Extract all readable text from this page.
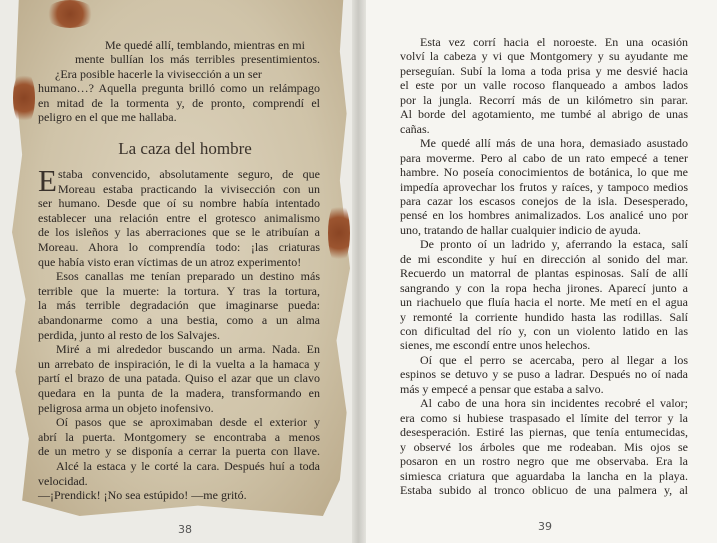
Me quedé allí, temblando, mientras en mi
mente bullían los más terribles presentimientos.
¿Era posible hacerle la vivisección a un ser
humano…? Aquella pregunta brilló como un relámpago
en mitad de la tormenta y, de pronto, comprendí el
peligro en el que me hallaba.
staba convencido, absolutamente seguro, de que
Moreau estaba practicando la vivisección con un
ser humano. Desde que oí su nombre había intentado
establecer una relación entre el grotesco animalismo
de los isleños y las aberraciones que se le atribuían a
Moreau. Ahora lo comprendía todo: ¡las criaturas
que había visto eran víctimas de un atroz experimento!
Esos canallas me tenían preparado un destino más
terrible que la muerte: la tortura. Y tras la tortura,
la más terrible degradación que imaginarse pueda:
abandonarme como a una bestia, como a un alma
perdida, junto al resto de los Salvajes.
Miré a mi alrededor buscando un arma. Nada. En
un arrebato de inspiración, le di la vuelta a la hamaca y
partí el brazo de una patada. Quiso el azar que un clavo
quedara en la punta de la madera, transformando en
peligrosa arma un objeto inofensivo.
Oí pasos que se aproximaban desde el exterior y
abrí la puerta. Montgomery se encontraba a menos
de un metro y se disponía a cerrar la puerta con llave.
Alcé la estaca y le corté la cara. Después huí a toda
velocidad.
—¡Prendick! ¡No sea estúpido! —me gritó.
La caza del hombre
E
38
Esta vez corrí hacia el noroeste. En una ocasión
volví la cabeza y vi que Montgomery y su ayudante me
perseguían. Subí la loma a toda prisa y me desvié hacia
el este por un valle rocoso flanqueado a ambos lados
por la jungla. Recorrí más de un kilómetro sin parar.
Al borde del agotamiento, me tumbé al abrigo de unas
cañas.
Me quedé allí más de una hora, demasiado asustado
para moverme. Pero al cabo de un rato empecé a tener
hambre. No poseía conocimientos de botánica, lo que me
impedía aprovechar los frutos y raíces, y tampoco medios
para cazar los escasos conejos de la isla. Desesperado,
pensé en los hombres animalizados. Los analicé uno por
uno, tratando de hallar cualquier indicio de ayuda.
De pronto oí un ladrido y, aferrando la estaca, salí
de mi escondite y huí en dirección al sonido del mar.
Recuerdo un matorral de plantas espinosas. Salí de allí
sangrando y con la ropa hecha jirones. Aparecí junto a
un riachuelo que fluía hacia el norte. Me metí en el agua
y remonté la corriente hundido hasta las rodillas. Salí
con dificultad del río y, con un violento latido en las
sienes, me escondí entre unos helechos.
Oí que el perro se acercaba, pero al llegar a los
espinos se detuvo y se puso a ladrar. Después no oí nada
más y empecé a pensar que estaba a salvo.
Al cabo de una hora sin incidentes recobré el valor;
era como si hubiese traspasado el límite del terror y la
desesperación. Estiré las piernas, que tenía entumecidas,
y observé los árboles que me rodeaban. Mis ojos se
posaron en un rostro negro que me observaba. Era la
simiesca criatura que aguardaba la lancha en la playa.
Estaba subido al tronco oblicuo de una palmera y, al
39
